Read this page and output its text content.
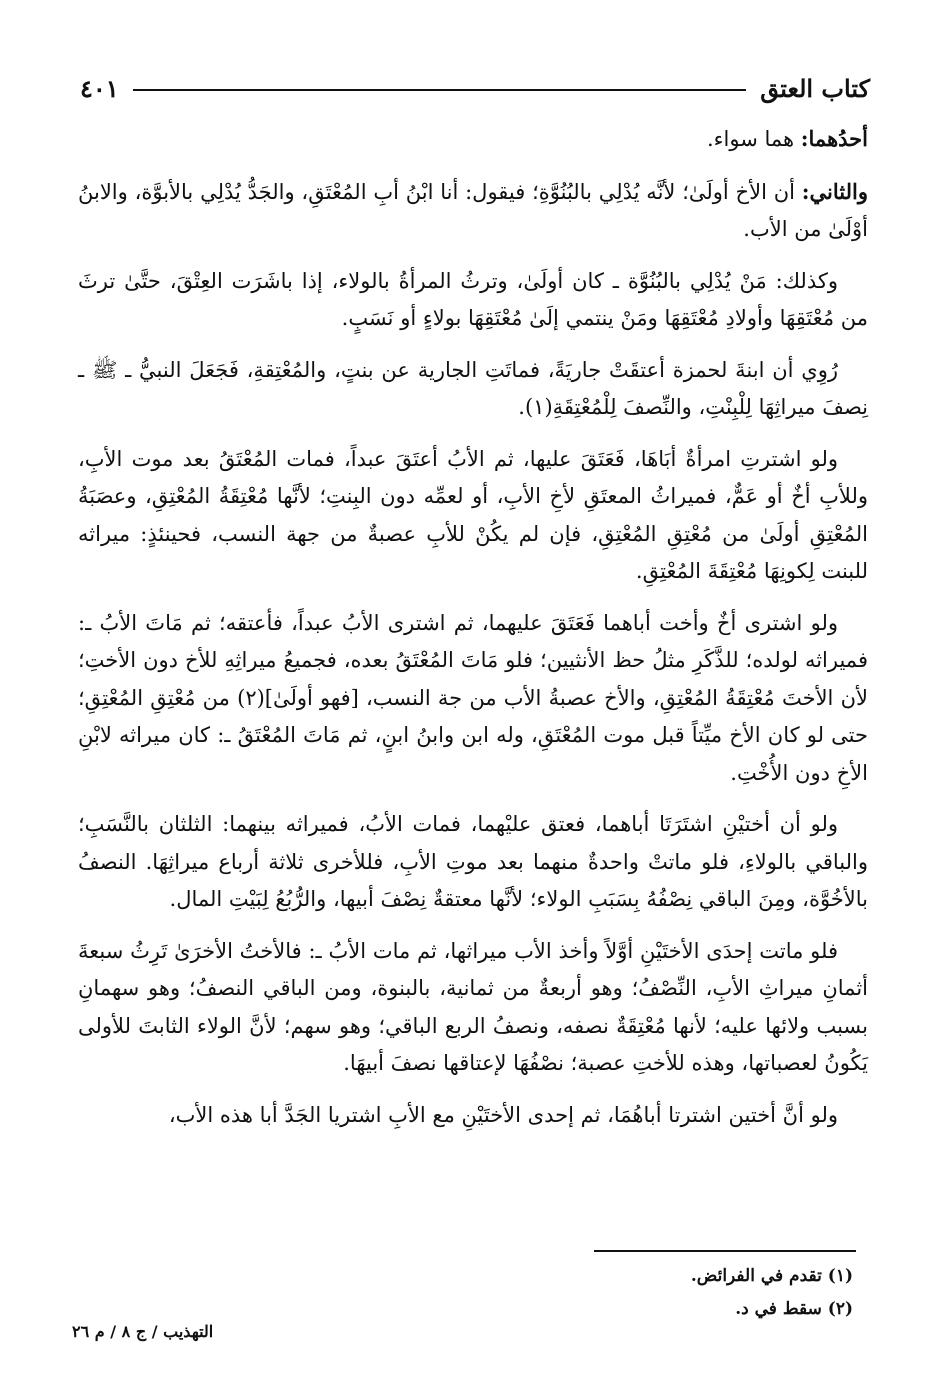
كتاب العتق
٤٠١

أحدُهما: هما سواء.

والثاني: أن الأخ أولَىٰ؛ لأنَّه يُدْلِي بالبُنُوَّةِ؛ فيقول: أنا ابْنُ أبِ المُعْتَقِ، والجَدُّ يُدْلِي بالأبوَّة، والابنُ أوْلَىٰ من الأب.

وكذلك: مَنْ يُدْلِي بالبُنُوَّة ـ كان أولَىٰ، وترثُ المرأةُ بالولاء، إذا باشَرَت العِتْقَ، حتَّىٰ ترثَ من مُعْتَقِهَا وأولادِ مُعْتَقِهَا ومَنْ ينتمي إلَىٰ مُعْتَقِهَا بولاءٍ أو نَسَبٍ.

رُوِي أن ابنةَ لحمزة أعتقَتْ جاريَةً، فماتَتِ الجارية عن بنتٍ، والمُعْتِقةِ، فَجَعَلَ النبيُّ ـ ﷺ ـ نِصفَ ميراثِهَا لِلْبِنْتِ، والنِّصفَ لِلْمُعْتِقَةِ(١).

ولو اشترتِ امرأةٌ أبَاهَا، فَعَتَقَ عليها، ثم الأبُ أعتَقَ عبداً، فمات المُعْتَقُ بعد موت الأبِ، وللأبِ أخٌ أو عَمٌّ، فميراثُ المعتَقِ لأخِ الأبِ، أو لعمِّه دون البِنتِ؛ لأنَّها مُعْتِقَةُ المُعْتِقِ، وعصَبَةُ المُعْتِقِ أولَىٰ من مُعْتِقِ المُعْتِقِ، فإن لم يكُنْ للأبِ عصبةٌ من جهة النسب، فحينئذٍ: ميراثه للبنت لِكونِهَا مُعْتِقَةَ المُعْتِقِ.

ولو اشترى أخٌ وأخت أباهما فَعَتَقَ عليهما، ثم اشترى الأبُ عبداً، فأعتقه؛ ثم مَاتَ الأبُ ـ: فميراثه لولده؛ للذَّكَرِ مثلُ حظ الأنثيين؛ فلو مَاتَ المُعْتَقُ بعده، فجميعُ ميراثِهِ للأخ دون الأختِ؛ لأن الأختَ مُعْتِقَةُ المُعْتِقِ، والأخ عصبةُ الأب من جة النسب، [فهو أولَىٰ](٢) من مُعْتِقِ المُعْتِقِ؛ حتى لو كان الأخ ميِّتاً قبل موت المُعْتَقِ، وله ابن وابنُ ابنٍ، ثم مَاتَ المُعْتَقُ ـ: كان ميراثه لابْنِ الأخِ دون الأُخْتِ.

ولو أن أختيْنِ اشتَرَتَا أباهما، فعتق عليْهما، فمات الأبُ، فميراثه بينهما: الثلثان بالنَّسَبِ؛ والباقي بالولاءِ، فلو ماتتْ واحدةٌ منهما بعد موتِ الأبِ، فللأخرى ثلاثة أرباع ميراثِهَا. النصفُ بالأخُوَّة، ومِنَ الباقي نِصْفُهُ بِسَبَبِ الولاء؛ لأنَّها معتقةٌ نِصْفَ أبيها، والرُّبُعُ لِبَيْتِ المال.

فلو ماتت إحدَى الأختَيْنِ أوَّلاً وأخذ الأب ميراثها، ثم مات الأبُ ـ: فالأختُ الأخرَىٰ تَرِثُ سبعةَ أثمانِ ميراثِ الأبِ، النِّصْفُ؛ وهو أربعةٌ من ثمانية، بالبنوة، ومن الباقي النصفُ؛ وهو سهمانِ بسبب ولائها عليه؛ لأنها مُعْتِقَةٌ نصفه، ونصفُ الربع الباقي؛ وهو سهم؛ لأنَّ الولاء الثابتَ للأولى يَكُونُ لعصباتها، وهذه للأختِ عصبة؛ نصْفُهَا لإعتاقها نصفَ أبيهَا.

ولو أنَّ أختين اشترتا أباهُمَا، ثم إحدى الأختَيْنِ مع الأبِ اشتريا الجَدَّ أبا هذه الأب،

(١) تقدم في الفرائض.
(٢) سقط في د.
التهذيب / ج ٨ / م ٢٦
